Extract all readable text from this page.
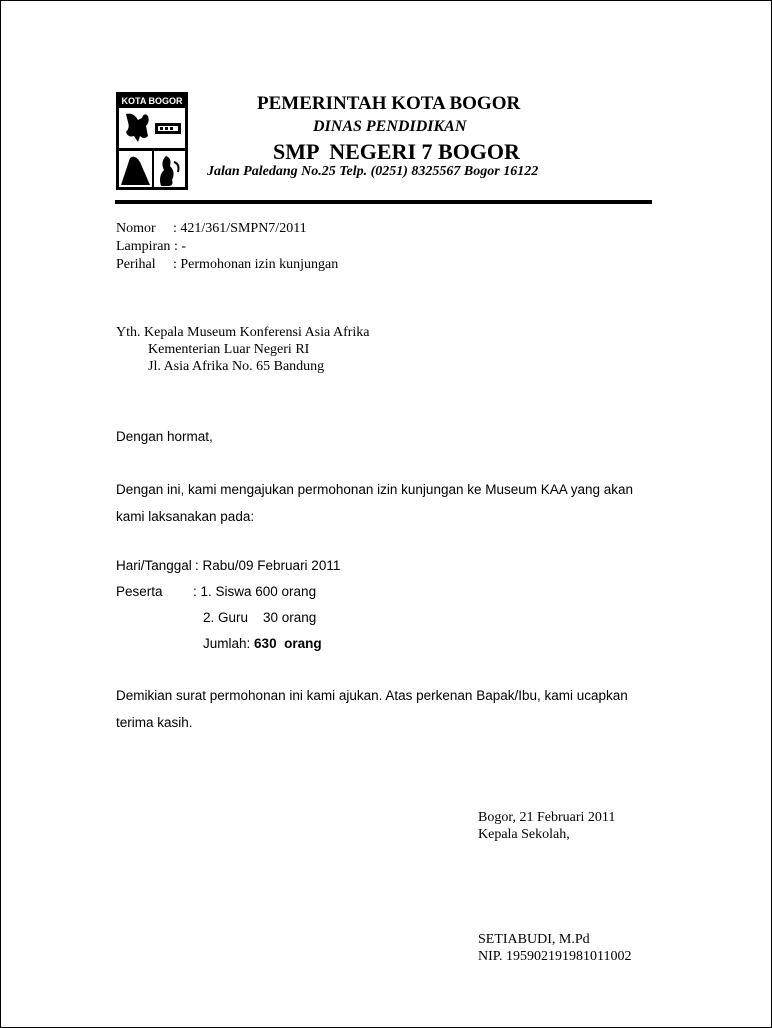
KOTA BOGOR	PEMERINTAH KOTA BOGOR
DINAS PENDIDIKAN
SMP  NEGERI 7 BOGOR
Jalan Paledang No.25 Telp. (0251) 8325567 Bogor 16122
Nomor : 421/361/SMPN7/2011
Lampiran : -
Perihal : Permohonan izin kunjungan
Yth. Kepala Museum Konferensi Asia Afrika
Kementerian Luar Negeri RI
Jl. Asia Afrika No. 65 Bandung
Dengan hormat,
Dengan ini, kami mengajukan permohonan izin kunjungan ke Museum KAA yang akan
kami laksanakan pada:
Hari/Tanggal : Rabu/09 Februari 2011
Peserta : 1. Siswa 600 orang
2. Guru    30 orang
Jumlah: 630  orang
Demikian surat permohonan ini kami ajukan. Atas perkenan Bapak/Ibu, kami ucapkan
terima kasih.
Bogor, 21 Februari 2011
Kepala Sekolah,
SETIABUDI, M.Pd
NIP. 195902191981011002
